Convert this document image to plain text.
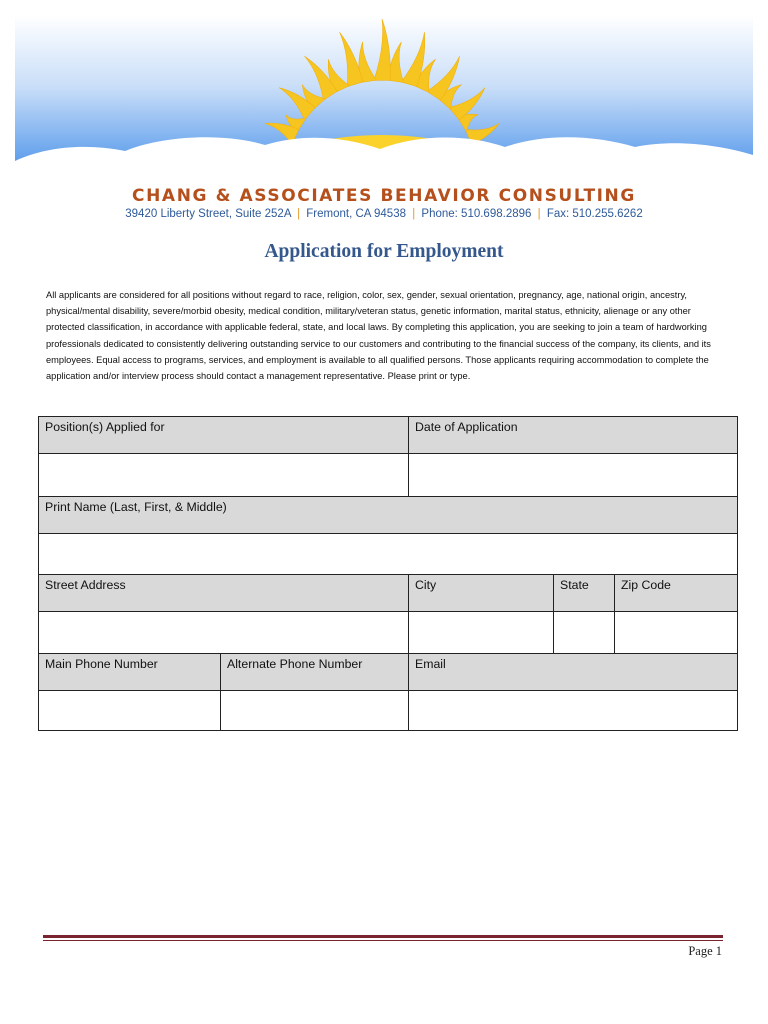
CHANG & ASSOCIATES BEHAVIOR CONSULTING
39420 Liberty Street, Suite 252A | Fremont, CA 94538 | Phone: 510.698.2896 | Fax: 510.255.6262
Application for Employment
All applicants are considered for all positions without regard to race, religion, color, sex, gender, sexual orientation, pregnancy, age, national origin, ancestry, physical/mental disability, severe/morbid obesity, medical condition, military/veteran status, genetic information, marital status, ethnicity, alienage or any other protected classification, in accordance with applicable federal, state, and local laws. By completing this application, you are seeking to join a team of hardworking professionals dedicated to consistently delivering outstanding service to our customers and contributing to the financial success of the company, its clients, and its employees. Equal access to programs, services, and employment is available to all qualified persons. Those applicants requiring accommodation to complete the application and/or interview process should contact a management representative. Please print or type.
Position(s) Applied for		Date of Application		

Print Name (Last, First, & Middle)				

Street Address		City	State	Zip Code

Main Phone Number	Alternate Phone Number	Email		

Page 1
